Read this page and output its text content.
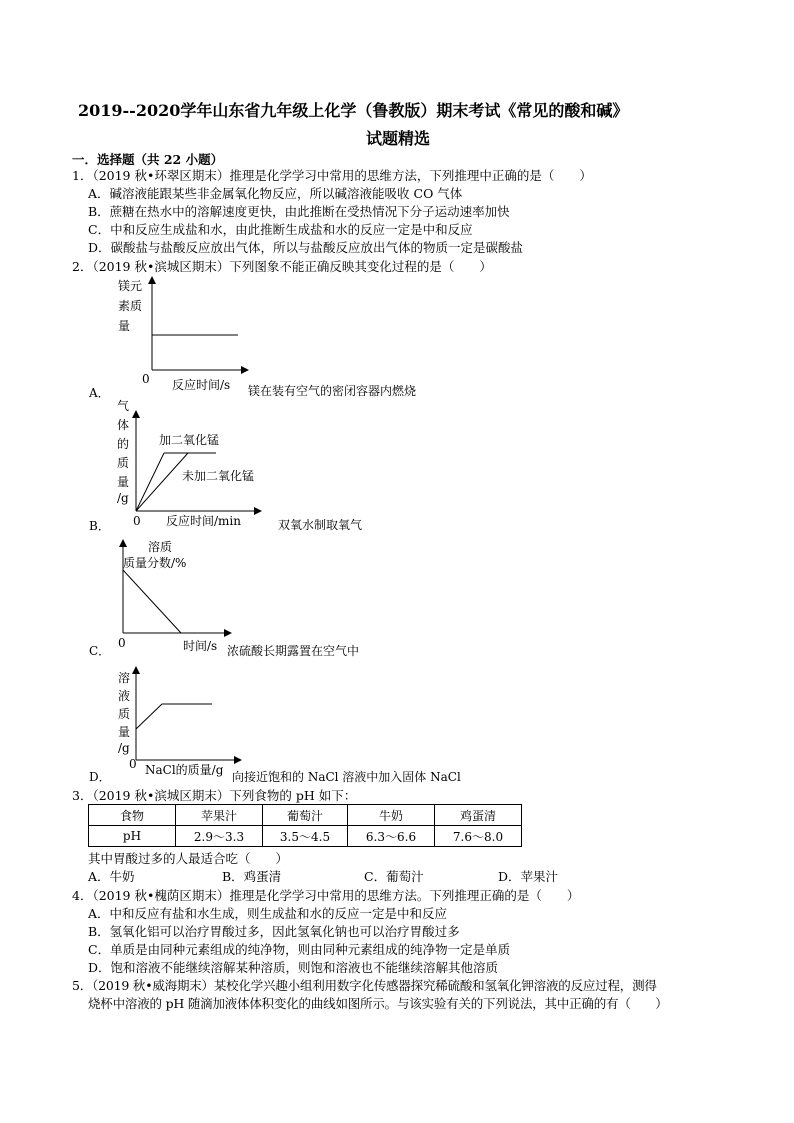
2019--2020学年山东省九年级上化学（鲁教版）期末考试《常见的酸和碱》
试题精选
一．选择题（共 22 小题）
1．（2019 秋•环翠区期末）推理是化学学习中常用的思维方法，下列推理中正确的是（　　）
A．碱溶液能跟某些非金属氧化物反应，所以碱溶液能吸收 CO 气体
B．蔗糖在热水中的溶解速度更快，由此推断在受热情况下分子运动速率加快
C．中和反应生成盐和水，由此推断生成盐和水的反应一定是中和反应
D．碳酸盐与盐酸反应放出气体，所以与盐酸反应放出气体的物质一定是碳酸盐
2．（2019 秋•滨城区期末）下列图象不能正确反映其变化过程的是（　　）
镁元
素质
量
0 反应时间/s 镁在装有空气的密闭容器内燃烧
A．
气
体
的
质
量
/g
加二氧化锰
未加二氧化锰
0 反应时间/min	双氧水制取氧气
B．
溶质
质量分数/%
0	时间/s 浓硫酸长期露置在空气中
C．
溶
液
质
量
/g
0 NaCl的质量/g 向接近饱和的 NaCl 溶液中加入固体 NaCl
D．
3．（2019 秋•滨城区期末）下列食物的 pH 如下：
食物	苹果汁	葡萄汁	牛奶	鸡蛋清
pH	2.9～3.3	3.5～4.5	6.3～6.6	7.6～8.0
其中胃酸过多的人最适合吃（　　）
A．牛奶	B．鸡蛋清	C．葡萄汁	D．苹果汁
4．（2019 秋•槐荫区期末）推理是化学学习中常用的思维方法。下列推理正确的是（　　）
A．中和反应有盐和水生成，则生成盐和水的反应一定是中和反应
B．氢氧化铝可以治疗胃酸过多，因此氢氧化钠也可以治疗胃酸过多
C．单质是由同种元素组成的纯净物，则由同种元素组成的纯净物一定是单质
D．饱和溶液不能继续溶解某种溶质，则饱和溶液也不能继续溶解其他溶质
5．（2019 秋•威海期末）某校化学兴趣小组利用数字化传感器探究稀硫酸和氢氧化钾溶液的反应过程，测得
烧杯中溶液的 pH 随滴加液体体积变化的曲线如图所示。与该实验有关的下列说法，其中正确的有（　　）
